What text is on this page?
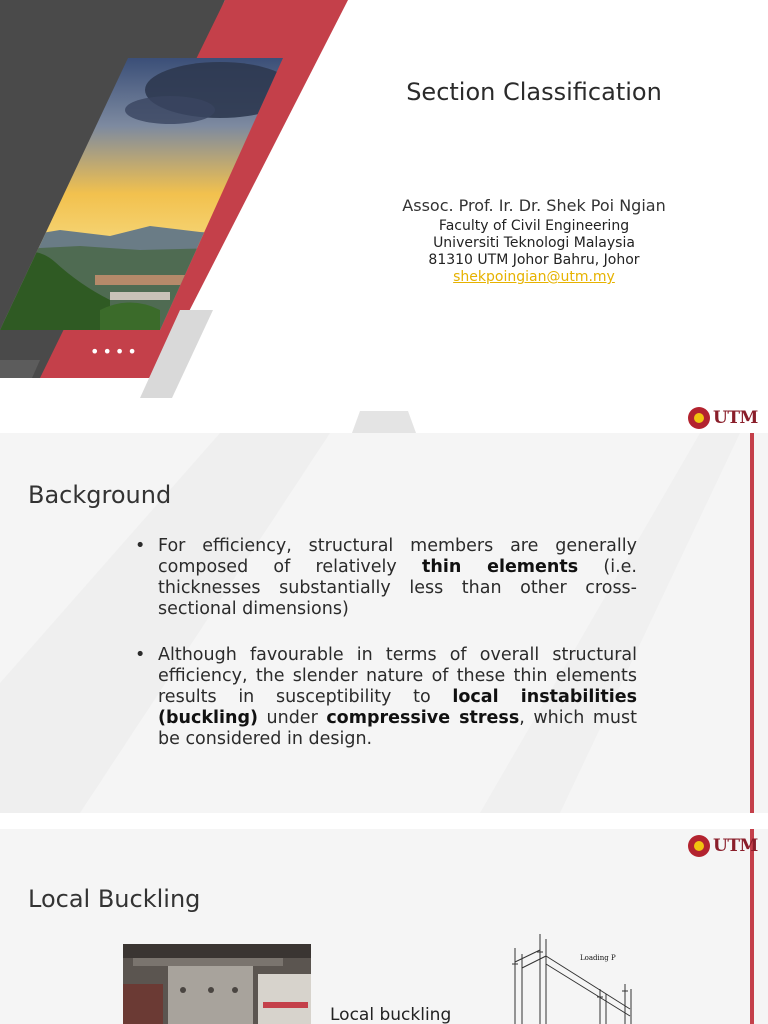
Section Classification
Assoc. Prof. Ir. Dr. Shek Poi Ngian
Faculty of Civil Engineering
Universiti Teknologi Malaysia
81310 UTM Johor Bahru, Johor
shekpoingian@utm.my
••••
UTM
Background
• For efficiency, structural members are generally composed of relatively thin elements (i.e. thicknesses substantially less than other cross-sectional dimensions)
• Although favourable in terms of overall structural efficiency, the slender nature of these thin elements results in susceptibility to local instabilities (buckling) under compressive stress, which must be considered in design.
UTM
Local Buckling
Local buckling
Loading P
